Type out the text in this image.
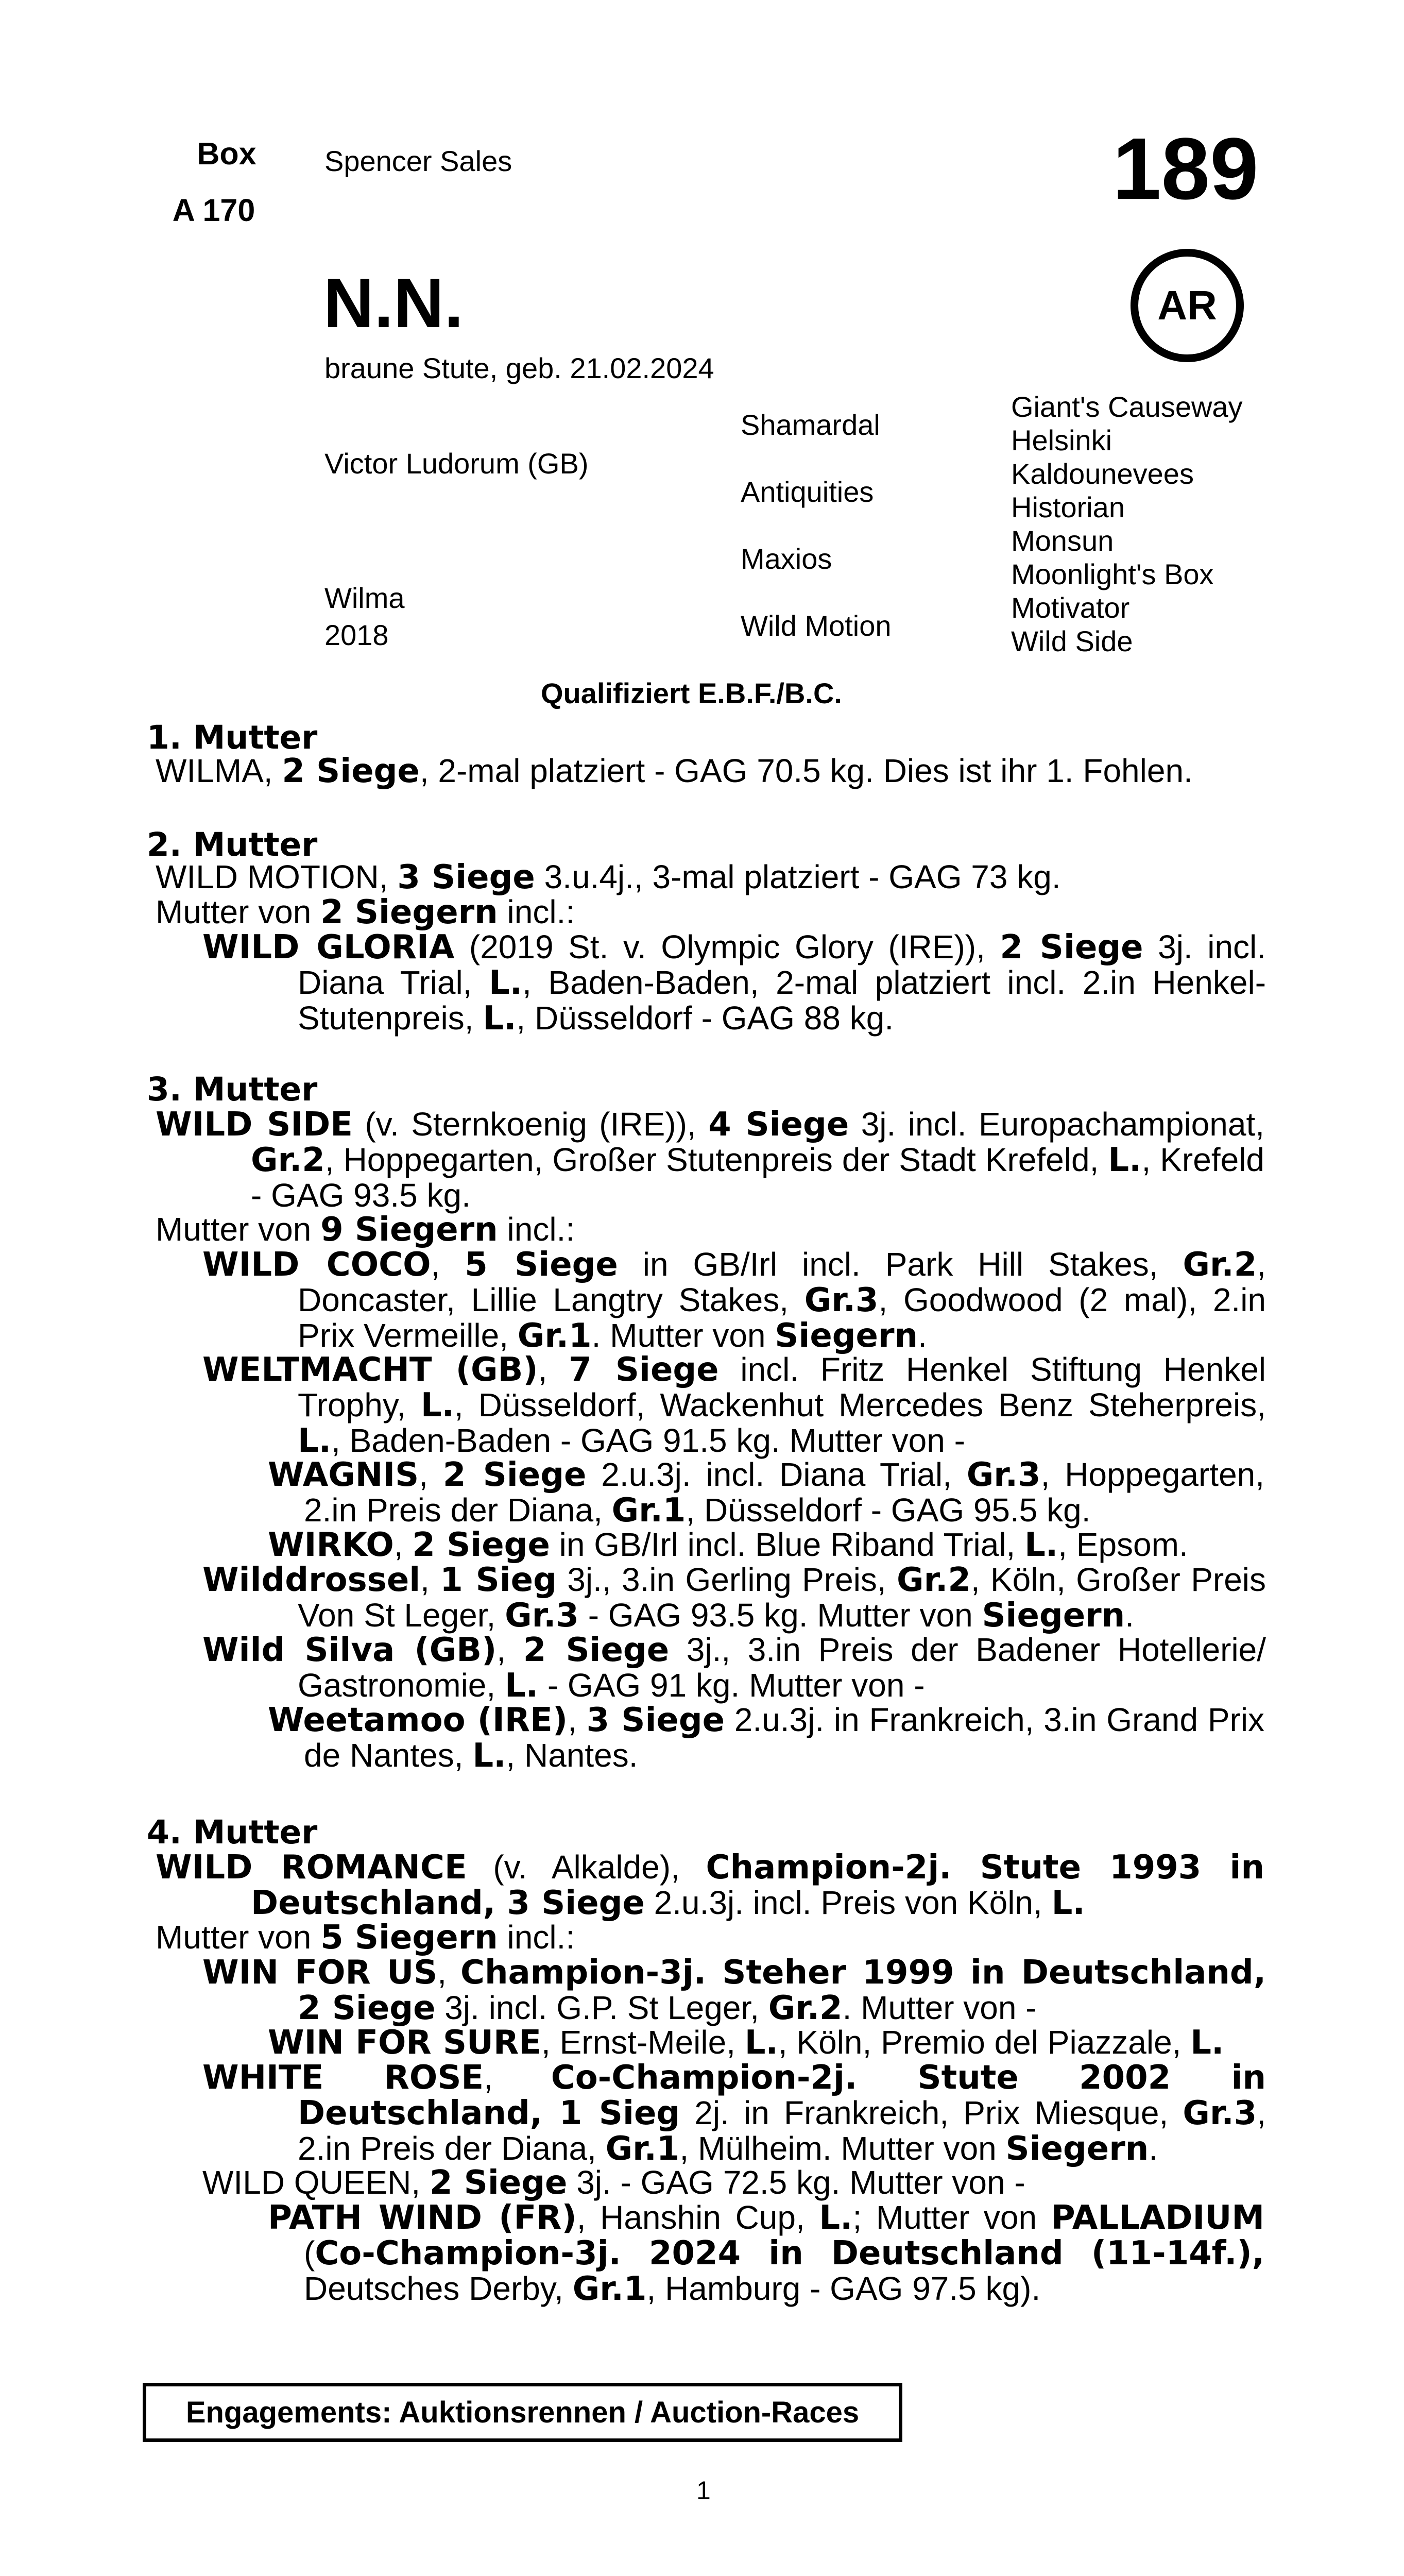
Box
A 170
Spencer Sales	189
N.N.	AR
braune Stute, geb. 21.02.2024
Victor Ludorum (GB)
Wilma
2018
Shamardal
Antiquities
Maxios
Wild Motion
Giant's Causeway
Helsinki
Kaldounevees
Historian
Monsun
Moonlight's Box
Motivator
Wild Side
Qualifiziert E.B.F./B.C.
1. Mutter
WILMA, 2 Siege, 2-mal platziert - GAG 70.5 kg. Dies ist ihr 1. Fohlen.
2. Mutter
WILD MOTION, 3 Siege 3.u.4j., 3-mal platziert - GAG 73 kg.
Mutter von 2 Siegern incl.:
WILD GLORIA (2019 St. v. Olympic Glory (IRE)), 2 Siege 3j. incl. Diana Trial, L., Baden-Baden, 2-mal platziert incl. 2.in Henkel-Stutenpreis, L., Düsseldorf - GAG 88 kg.
3. Mutter
WILD SIDE (v. Sternkoenig (IRE)), 4 Siege 3j. incl. Europachampionat, Gr.2, Hoppegarten, Großer Stutenpreis der Stadt Krefeld, L., Krefeld - GAG 93.5 kg.
Mutter von 9 Siegern incl.:
WILD COCO, 5 Siege in GB/Irl incl. Park Hill Stakes, Gr.2, Doncaster, Lillie Langtry Stakes, Gr.3, Goodwood (2 mal), 2.in Prix Vermeille, Gr.1. Mutter von Siegern.
WELTMACHT (GB), 7 Siege incl. Fritz Henkel Stiftung Henkel Trophy, L., Düsseldorf, Wackenhut Mercedes Benz Steherpreis, L., Baden-Baden - GAG 91.5 kg. Mutter von -
WAGNIS, 2 Siege 2.u.3j. incl. Diana Trial, Gr.3, Hoppegarten, 2.in Preis der Diana, Gr.1, Düsseldorf - GAG 95.5 kg.
WIRKO, 2 Siege in GB/Irl incl. Blue Riband Trial, L., Epsom.
Wilddrossel, 1 Sieg 3j., 3.in Gerling Preis, Gr.2, Köln, Großer Preis Von St Leger, Gr.3 - GAG 93.5 kg. Mutter von Siegern.
Wild Silva (GB), 2 Siege 3j., 3.in Preis der Badener Hotellerie/ Gastronomie, L. - GAG 91 kg. Mutter von -
Weetamoo (IRE), 3 Siege 2.u.3j. in Frankreich, 3.in Grand Prix de Nantes, L., Nantes.
4. Mutter
WILD ROMANCE (v. Alkalde), Champion-2j. Stute 1993 in Deutschland, 3 Siege 2.u.3j. incl. Preis von Köln, L.
Mutter von 5 Siegern incl.:
WIN FOR US, Champion-3j. Steher 1999 in Deutschland, 2 Siege 3j. incl. G.P. St Leger, Gr.2. Mutter von -
WIN FOR SURE, Ernst-Meile, L., Köln, Premio del Piazzale, L.
WHITE ROSE, Co-Champion-2j. Stute 2002 in Deutschland, 1 Sieg 2j. in Frankreich, Prix Miesque, Gr.3, 2.in Preis der Diana, Gr.1, Mülheim. Mutter von Siegern.
WILD QUEEN, 2 Siege 3j. - GAG 72.5 kg. Mutter von -
PATH WIND (FR), Hanshin Cup, L.; Mutter von PALLADIUM (Co-Champion-3j. 2024 in Deutschland (11-14f.), Deutsches Derby, Gr.1, Hamburg - GAG 97.5 kg).
Engagements: Auktionsrennen / Auction-Races
1
